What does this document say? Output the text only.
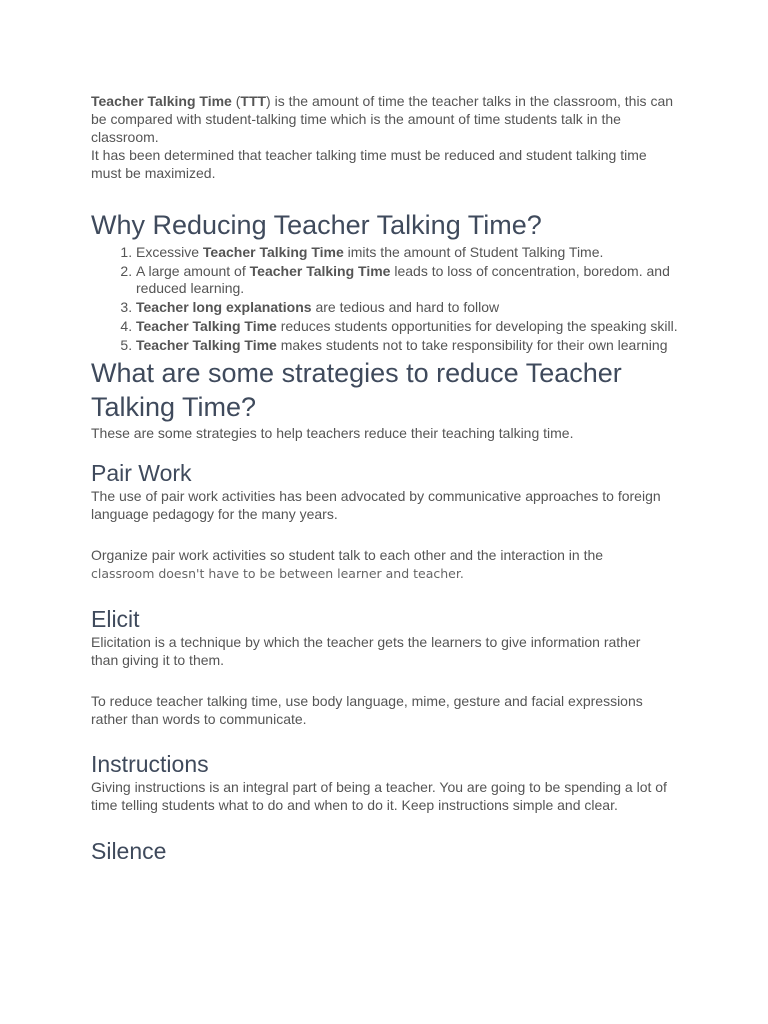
Teacher Talking Time (TTT) is the amount of time the teacher talks in the classroom, this can be compared with student-talking time which is the amount of time students talk in the classroom.

It has been determined that teacher talking time must be reduced and student talking time must be maximized.

Why Reducing Teacher Talking Time?
1. Excessive Teacher Talking Time imits the amount of Student Talking Time.
2. A large amount of Teacher Talking Time leads to loss of concentration, boredom. and reduced learning.
3. Teacher long explanations are tedious and hard to follow
4. Teacher Talking Time reduces students opportunities for developing the speaking skill.
5. Teacher Talking Time makes students not to take responsibility for their own learning
What are some strategies to reduce Teacher Talking Time?

These are some strategies to help teachers reduce their teaching talking time.

Pair Work

The use of pair work activities has been advocated by communicative approaches to foreign language pedagogy for the many years.

Organize pair work activities so student talk to each other and the interaction in the
classroom doesn't have to be between learner and teacher.

Elicit

Elicitation is a technique by which the teacher gets the learners to give information rather than giving it to them.

To reduce teacher talking time, use body language, mime, gesture and facial expressions rather than words to communicate.

Instructions

Giving instructions is an integral part of being a teacher. You are going to be spending a lot of time telling students what to do and when to do it. Keep instructions simple and clear.

Silence
